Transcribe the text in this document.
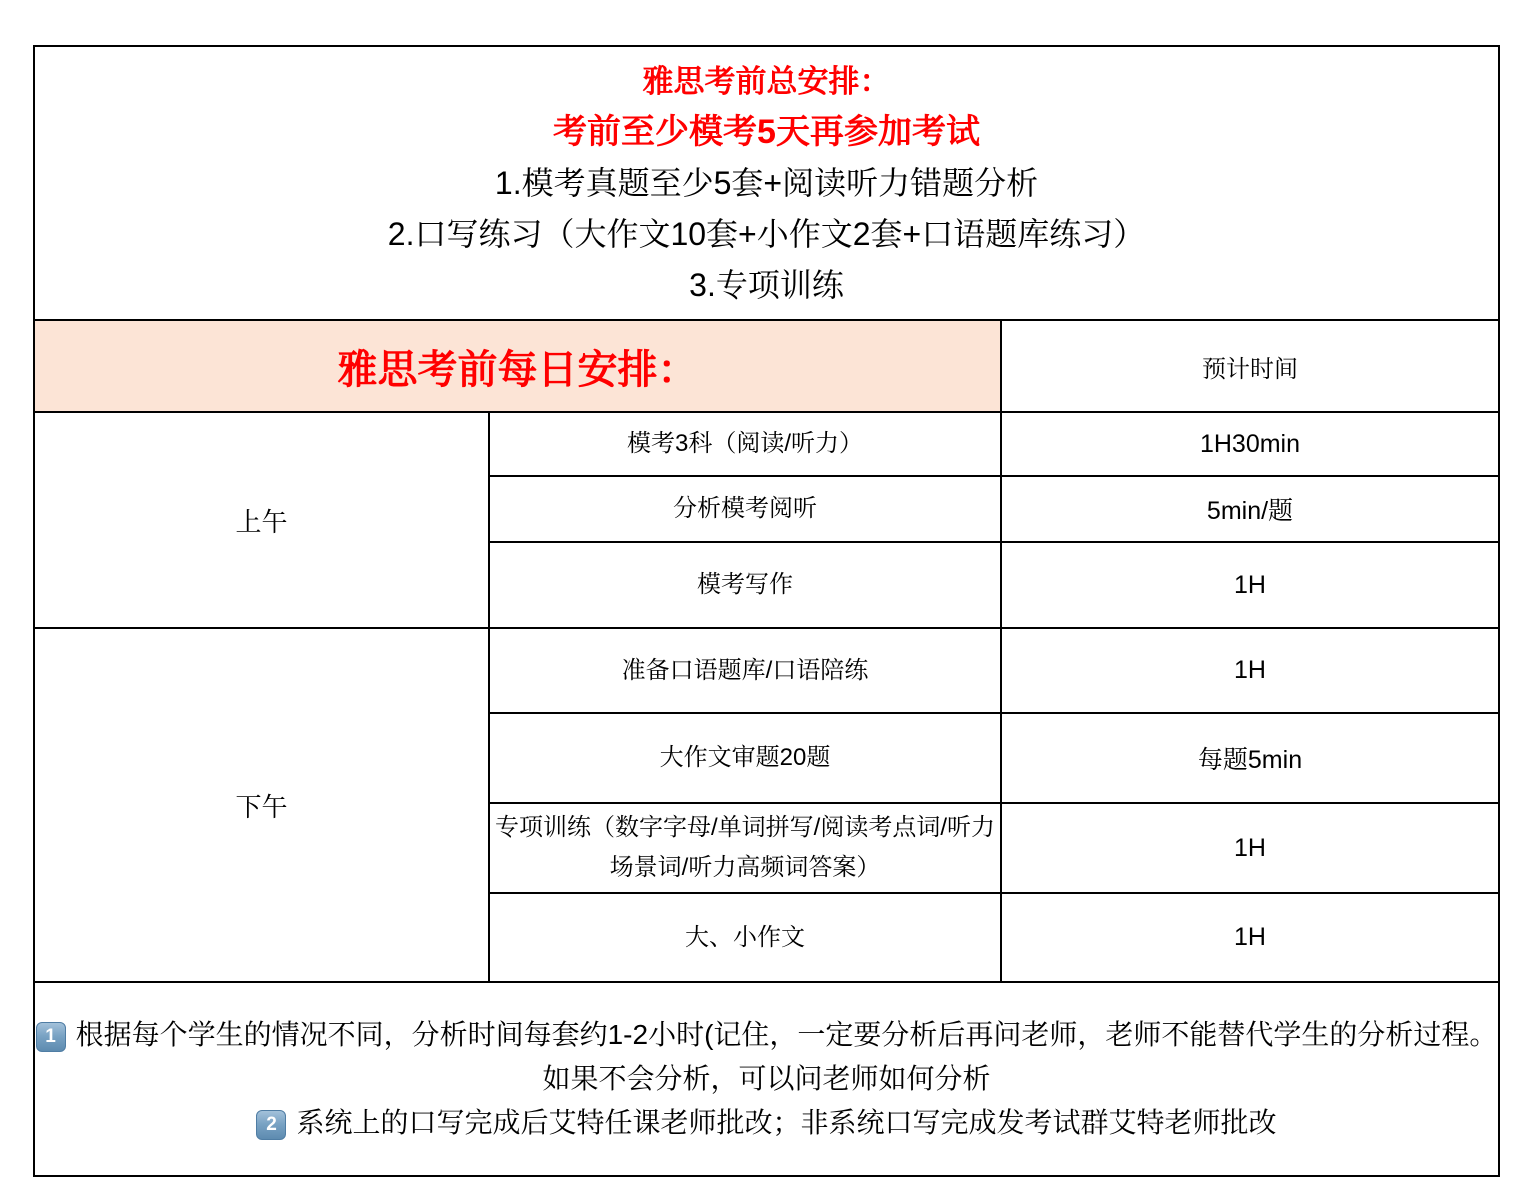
雅思考前总安排：
考前至少模考5天再参加考试
1.模考真题至少5套+阅读听力错题分析
2.口写练习（大作文10套+小作文2套+口语题库练习）
3.专项训练		

雅思考前每日安排：		预计时间
上午	模考3科（阅读/听力）	1H30min
	分析模考阅听	5min/题
	模考写作	1H
下午	准备口语题库/口语陪练	1H
	大作文审题20题	每题5min
	专项训练（数字字母/单词拼写/阅读考点词/听力场景词/听力高频词答案）	1H
	大、小作文	1H

1 根据每个学生的情况不同，分析时间每套约1-2小时(记住，一定要分析后再问老师，老师不能替代学生的分析过程。如果不会分析，可以问老师如何分析
2 系统上的口写完成后艾特任课老师批改；非系统口写完成发考试群艾特老师批改		
